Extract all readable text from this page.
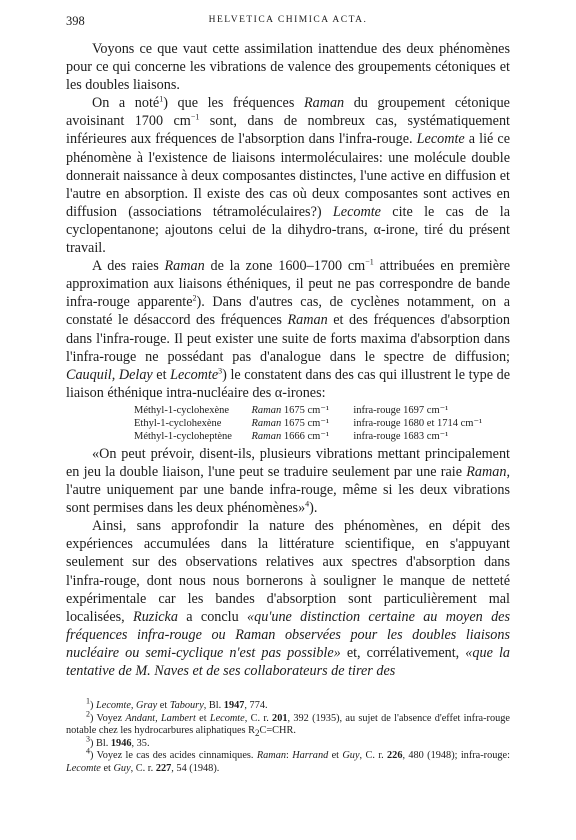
398	HELVETICA CHIMICA ACTA.

Voyons ce que vaut cette assimilation inattendue des deux phénomènes pour ce qui concerne les vibrations de valence des groupements cétoniques et les doubles liaisons.

On a noté$^1$) que les fréquences Raman du groupement cétonique avoisinant 1700 $cm^{-1}$ sont, dans de nombreux cas, systématiquement inférieures aux fréquences de l'absorption dans l'infra-rouge. Lecomte a lié ce phénomène à l'existence de liaisons intermoléculaires: une molécule double donnerait naissance à deux composantes distinctes, l'une active en diffusion et l'autre en absorption. Il existe des cas où deux composantes sont actives en diffusion (associations tétramoléculaires?) Lecomte cite le cas de la cyclopentanone; ajoutons celui de la dihydro-trans, α-irone, tiré du présent travail.

A des raies Raman de la zone 1600–1700 $cm^{-1}$ attribuées en première approximation aux liaisons éthéniques, il peut ne pas correspondre de bande infra-rouge apparente$^2$). Dans d'autres cas, de cyclènes notamment, on a constaté le désaccord des fréquences Raman et des fréquences d'absorption dans l'infra-rouge. Il peut exister une suite de forts maxima d'absorption dans l'infra-rouge ne possédant pas d'analogue dans le spectre de diffusion; Cauquil, Delay et Lecomte$^3$) le constatent dans des cas qui illustrent le type de liaison éthénique intra-nucléaire des α-irones:

Méthyl-1-cyclohexène	Raman 1675 cm⁻¹	infra-rouge 1697 cm⁻¹
Ethyl-1-cyclohexène	Raman 1675 cm⁻¹	infra-rouge 1680 et 1714 cm⁻¹
Méthyl-1-cycloheptène	Raman 1666 cm⁻¹	infra-rouge 1683 cm⁻¹

«On peut prévoir, disent-ils, plusieurs vibrations mettant principalement en jeu la double liaison, l'une peut se traduire seulement par une raie Raman, l'autre uniquement par une bande infra-rouge, même si les deux vibrations sont permises dans les deux phénomènes»$^4$).

Ainsi, sans approfondir la nature des phénomènes, en dépit des expériences accumulées dans la littérature scientifique, en s'appuyant seulement sur des observations relatives aux spectres d'absorption dans l'infra-rouge, dont nous nous bornerons à souligner le manque de netteté expérimentale car les bandes d'absorption sont particulièrement mal localisées, Ruzicka a conclu «qu'une distinction certaine au moyen des fréquences infra-rouge ou Raman observées pour les doubles liaisons nucléaire ou semi-cyclique n'est pas possible» et, corrélativement, «que la tentative de M. Naves et de ses collaborateurs de tirer des

$^1$) Lecomte, Gray et Taboury, Bl. 1947, 774.

$^2$) Voyez Andant, Lambert et Lecomte, C. r. 201, 392 (1935), au sujet de l'absence d'effet infra-rouge notable chez les hydrocarbures aliphatiques $R_2C=CHR$.

$^3$) Bl. 1946, 35.

$^4$) Voyez le cas des acides cinnamiques. Raman: Harrand et Guy, C. r. 226, 480 (1948); infra-rouge: Lecomte et Guy, C. r. 227, 54 (1948).
